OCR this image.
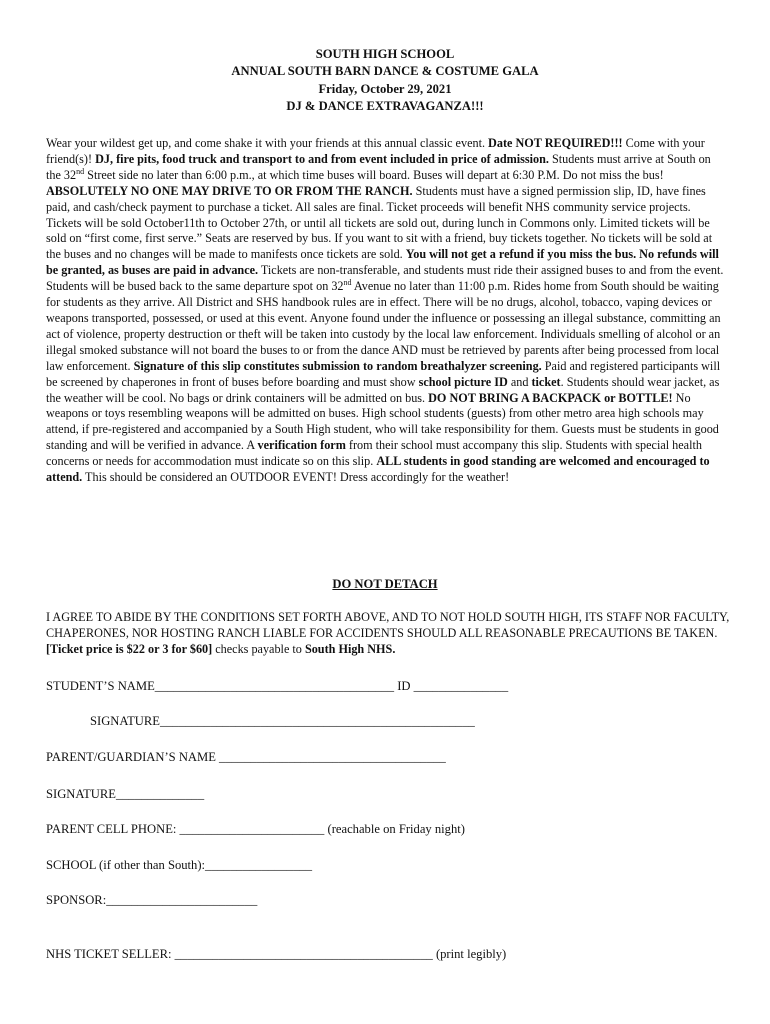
SOUTH HIGH SCHOOL
ANNUAL SOUTH BARN DANCE & COSTUME GALA
Friday, October 29, 2021
DJ & DANCE EXTRAVAGANZA!!!
Wear your wildest get up, and come shake it with your friends at this annual classic event. Date NOT REQUIRED!!! Come with your friend(s)! DJ, fire pits, food truck and transport to and from event included in price of admission. Students must arrive at South on the 32nd Street side no later than 6:00 p.m., at which time buses will board. Buses will depart at 6:30 P.M. Do not miss the bus! ABSOLUTELY NO ONE MAY DRIVE TO OR FROM THE RANCH. Students must have a signed permission slip, ID, have fines paid, and cash/check payment to purchase a ticket. All sales are final. Ticket proceeds will benefit NHS community service projects. Tickets will be sold October11th to October 27th, or until all tickets are sold out, during lunch in Commons only. Limited tickets will be sold on “first come, first serve.” Seats are reserved by bus. If you want to sit with a friend, buy tickets together. No tickets will be sold at the buses and no changes will be made to manifests once tickets are sold. You will not get a refund if you miss the bus. No refunds will be granted, as buses are paid in advance. Tickets are non-transferable, and students must ride their assigned buses to and from the event. Students will be bused back to the same departure spot on 32nd Avenue no later than 11:00 p.m. Rides home from South should be waiting for students as they arrive. All District and SHS handbook rules are in effect. There will be no drugs, alcohol, tobacco, vaping devices or weapons transported, possessed, or used at this event. Anyone found under the influence or possessing an illegal substance, committing an act of violence, property destruction or theft will be taken into custody by the local law enforcement. Individuals smelling of alcohol or an illegal smoked substance will not board the buses to or from the dance AND must be retrieved by parents after being processed from local law enforcement. Signature of this slip constitutes submission to random breathalyzer screening. Paid and registered participants will be screened by chaperones in front of buses before boarding and must show school picture ID and ticket. Students should wear jacket, as the weather will be cool. No bags or drink containers will be admitted on bus. DO NOT BRING A BACKPACK or BOTTLE! No weapons or toys resembling weapons will be admitted on buses. High school students (guests) from other metro area high schools may attend, if pre-registered and accompanied by a South High student, who will take responsibility for them. Guests must be students in good standing and will be verified in advance. A verification form from their school must accompany this slip. Students with special health concerns or needs for accommodation must indicate so on this slip. ALL students in good standing are welcomed and encouraged to attend. This should be considered an OUTDOOR EVENT! Dress accordingly for the weather!
DO NOT DETACH
I AGREE TO ABIDE BY THE CONDITIONS SET FORTH ABOVE, AND TO NOT HOLD SOUTH HIGH, ITS STAFF NOR FACULTY, CHAPERONES, NOR HOSTING RANCH LIABLE FOR ACCIDENTS SHOULD ALL REASONABLE PRECAUTIONS BE TAKEN. [Ticket price is $22 or 3 for $60] checks payable to South High NHS.
STUDENT’S NAME______________________________________ ID _______________
SIGNATURE__________________________________________________
PARENT/GUARDIAN’S NAME ____________________________________
SIGNATURE______________
PARENT CELL PHONE: _______________________ (reachable on Friday night)
SCHOOL (if other than South):_________________
SPONSOR:________________________
NHS TICKET SELLER: _________________________________________ (print legibly)
